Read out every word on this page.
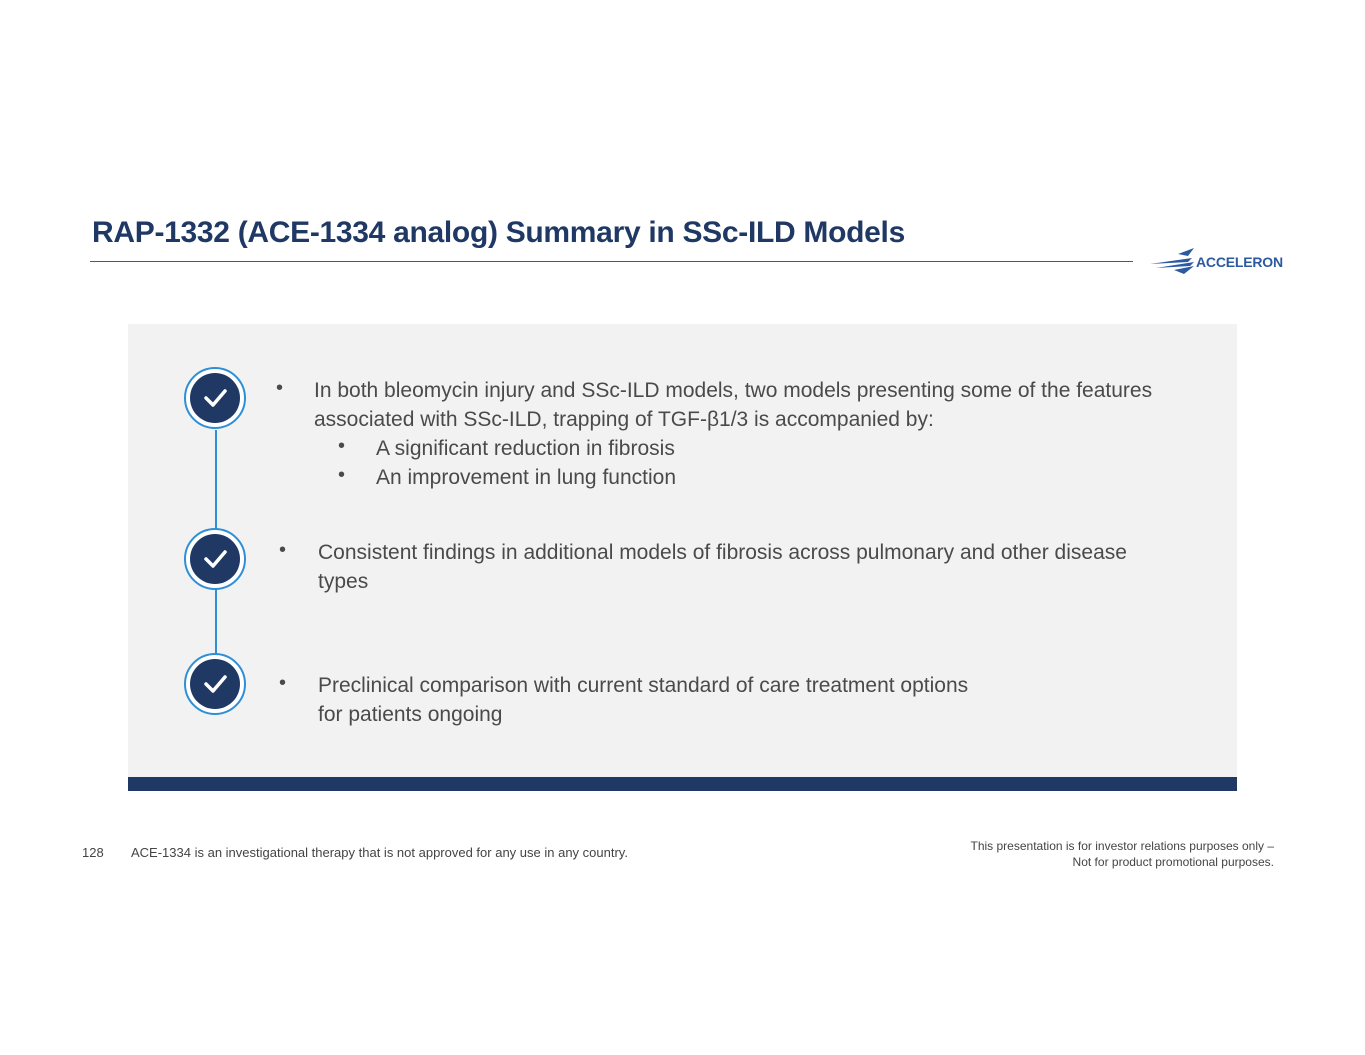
RAP-1332 (ACE-1334 analog) Summary in SSc-ILD Models
ACCELERON
• In both bleomycin injury and SSc-ILD models, two models presenting some of the features
associated with SSc-ILD, trapping of TGF-β1/3 is accompanied by:
• A significant reduction in fibrosis
• An improvement in lung function
• Consistent findings in additional models of fibrosis across pulmonary and other disease
types
• Preclinical comparison with current standard of care treatment options
for patients ongoing
128 ACE-1334 is an investigational therapy that is not approved for any use in any country.	This presentation is for investor relations purposes only –
Not for product promotional purposes.
